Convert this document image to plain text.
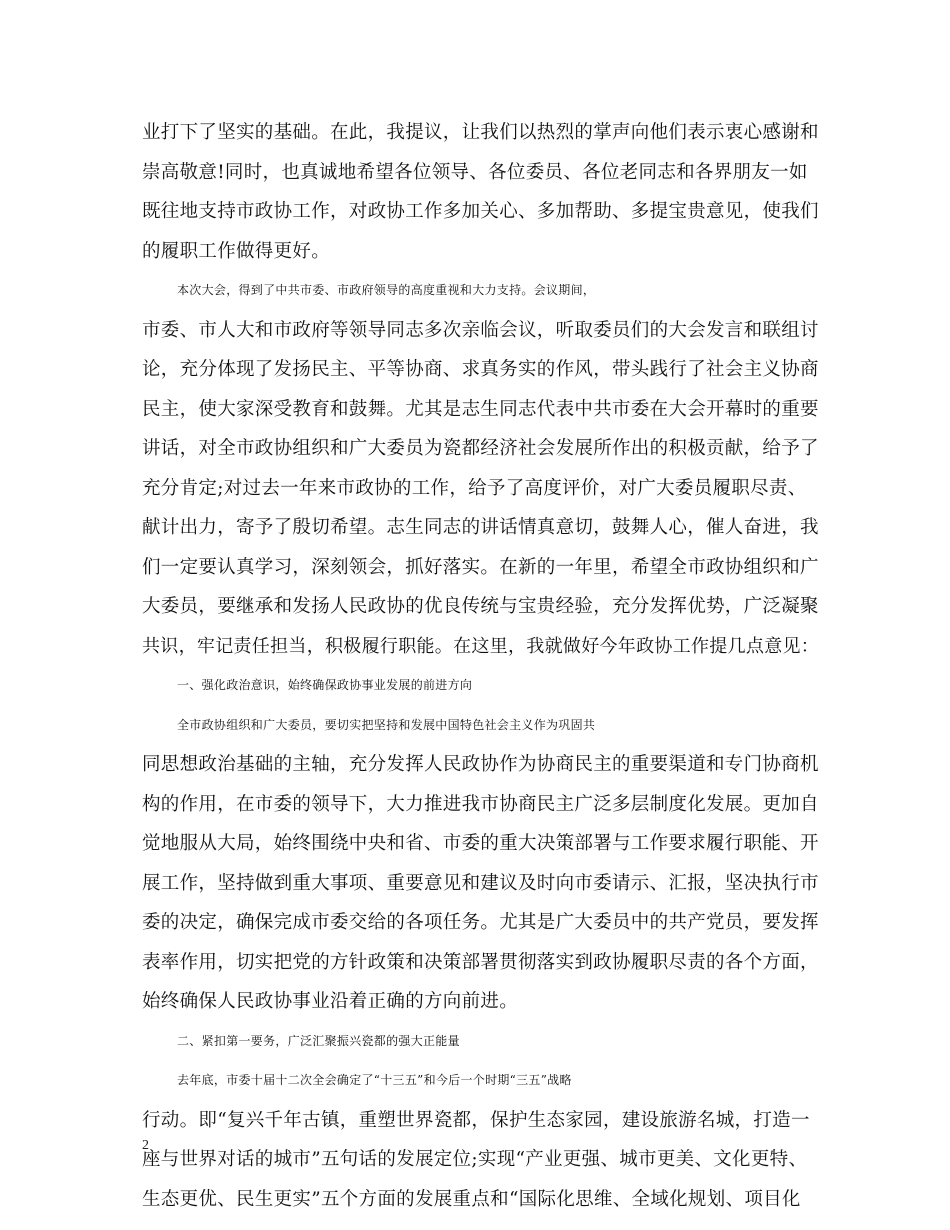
业打下了坚实的基础。在此，我提议，让我们以热烈的掌声向他们表示衷心感谢和
崇高敬意!同时，也真诚地希望各位领导、各位委员、各位老同志和各界朋友一如
既往地支持市政协工作，对政协工作多加关心、多加帮助、多提宝贵意见，使我们
的履职工作做得更好。
本次大会，得到了中共市委、市政府领导的高度重视和大力支持。会议期间，
市委、市人大和市政府等领导同志多次亲临会议，听取委员们的大会发言和联组讨
论，充分体现了发扬民主、平等协商、求真务实的作风，带头践行了社会主义协商
民主，使大家深受教育和鼓舞。尤其是志生同志代表中共市委在大会开幕时的重要
讲话，对全市政协组织和广大委员为瓷都经济社会发展所作出的积极贡献，给予了
充分肯定;对过去一年来市政协的工作，给予了高度评价，对广大委员履职尽责、
献计出力，寄予了殷切希望。志生同志的讲话情真意切，鼓舞人心，催人奋进，我
们一定要认真学习，深刻领会，抓好落实。在新的一年里，希望全市政协组织和广
大委员，要继承和发扬人民政协的优良传统与宝贵经验，充分发挥优势，广泛凝聚
共识，牢记责任担当，积极履行职能。在这里，我就做好今年政协工作提几点意见：
一、强化政治意识，始终确保政协事业发展的前进方向
全市政协组织和广大委员，要切实把坚持和发展中国特色社会主义作为巩固共
同思想政治基础的主轴，充分发挥人民政协作为协商民主的重要渠道和专门协商机
构的作用，在市委的领导下，大力推进我市协商民主广泛多层制度化发展。更加自
觉地服从大局，始终围绕中央和省、市委的重大决策部署与工作要求履行职能、开
展工作，坚持做到重大事项、重要意见和建议及时向市委请示、汇报，坚决执行市
委的决定，确保完成市委交给的各项任务。尤其是广大委员中的共产党员，要发挥
表率作用，切实把党的方针政策和决策部署贯彻落实到政协履职尽责的各个方面，
始终确保人民政协事业沿着正确的方向前进。
二、紧扣第一要务，广泛汇聚振兴瓷都的强大正能量
去年底，市委十届十二次全会确定了“十三五”和今后一个时期“三五”战略
行动。即“复兴千年古镇，重塑世界瓷都，保护生态家园，建设旅游名城，打造一
座与世界对话的城市”五句话的发展定位;实现“产业更强、城市更美、文化更特、
生态更优、民生更实”五个方面的发展重点和“国际化思维、全域化规划、项目化
2
